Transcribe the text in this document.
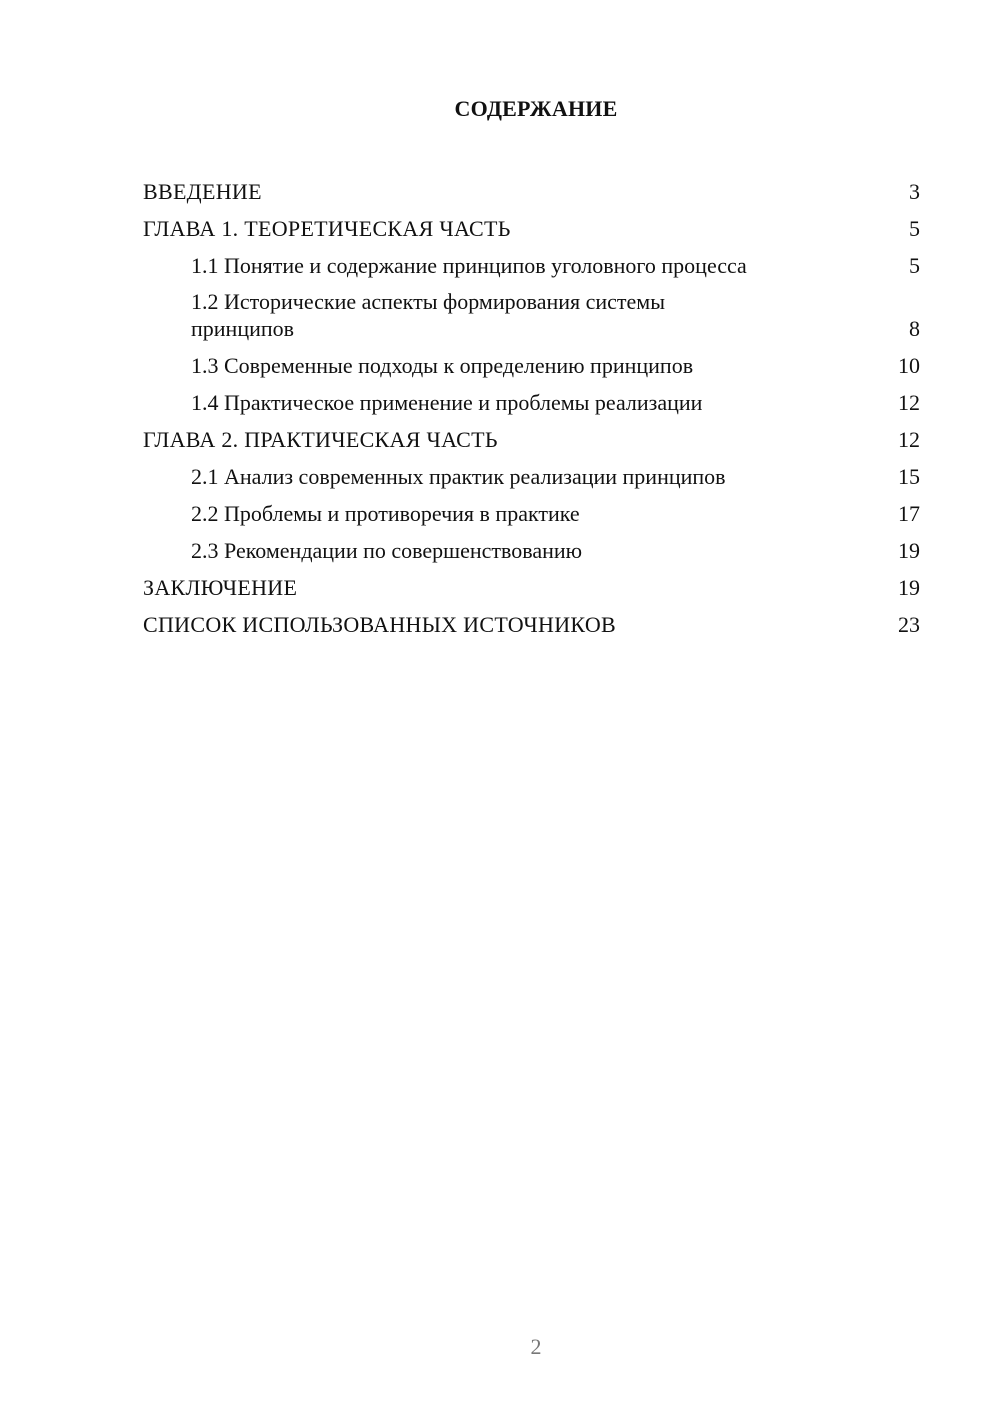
СОДЕРЖАНИЕ
ВВЕДЕНИЕ	3
ГЛАВА 1. ТЕОРЕТИЧЕСКАЯ ЧАСТЬ	5
1.1 Понятие и содержание принципов уголовного процесса	5
1.2 Исторические аспекты формирования системы принципов	8
1.3 Современные подходы к определению принципов	10
1.4 Практическое применение и проблемы реализации	12
ГЛАВА 2. ПРАКТИЧЕСКАЯ ЧАСТЬ	12
2.1 Анализ современных практик реализации принципов	15
2.2 Проблемы и противоречия в практике	17
2.3 Рекомендации по совершенствованию	19
ЗАКЛЮЧЕНИЕ	19
СПИСОК ИСПОЛЬЗОВАННЫХ ИСТОЧНИКОВ	23
2
